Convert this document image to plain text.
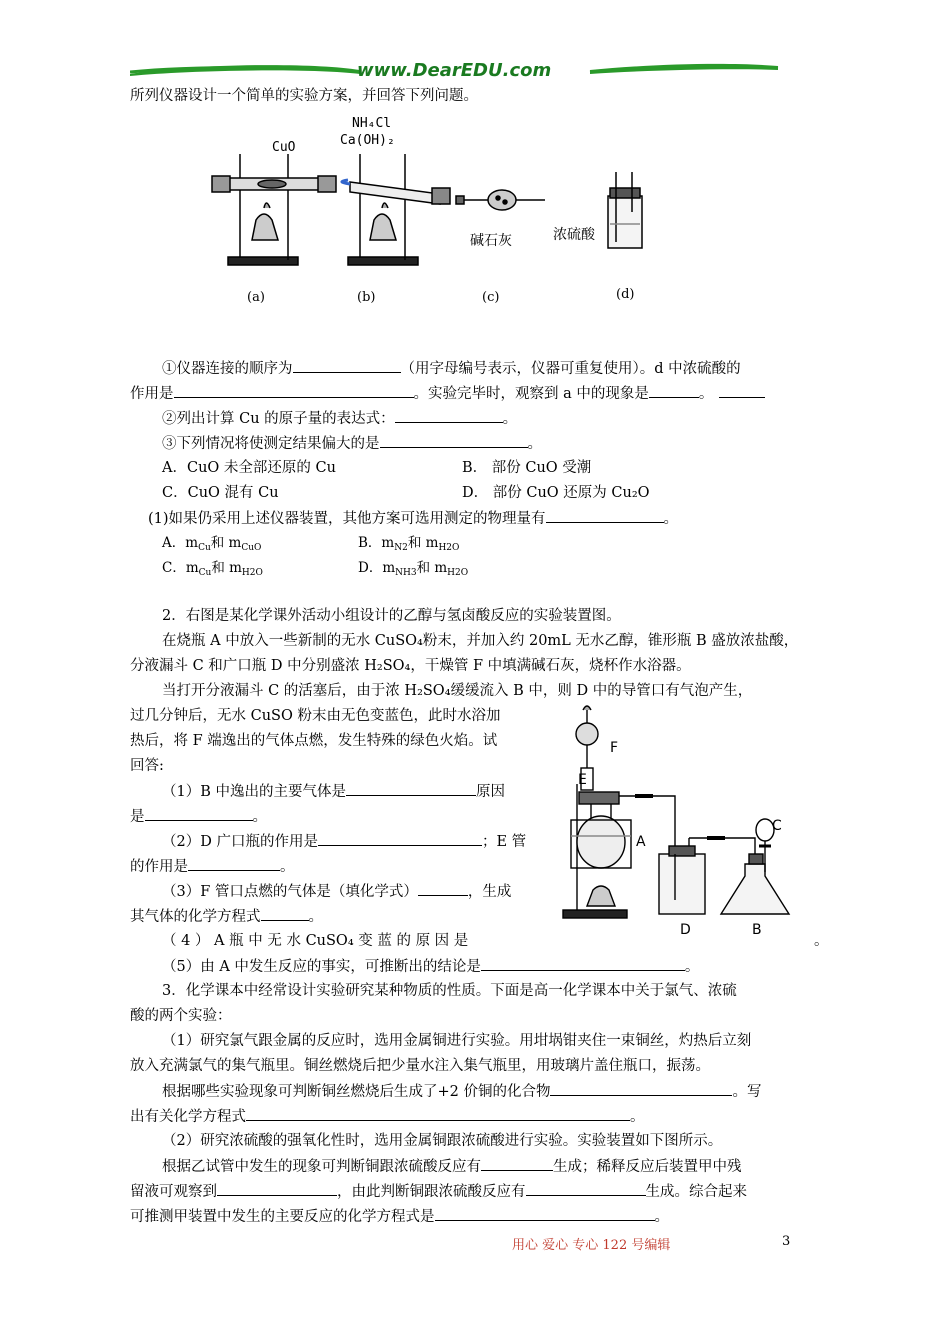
www.DearEDU.com
所列仪器设计一个简单的实验方案，并回答下列问题。
CuO
NH₄Cl
Ca(OH)₂
碱石灰	浓硫酸
(a)	(b)	(c)	(d)
①仪器连接的顺序为	（用字母编号表示，仪器可重复使用）。d 中浓硫酸的
作用是	。实验完毕时，观察到 a 中的现象是	。
②列出计算 Cu 的原子量的表达式：	。
③下列情况将使测定结果偏大的是	。
A．CuO 未全部还原的 Cu	B． 部份 CuO 受潮
C．CuO 混有 Cu	D． 部份 CuO 还原为 Cu₂O
(1)如果仍采用上述仪器装置，其他方案可选用测定的物理量有	。
A．$m_{Cu}$和 $m_{CuO}$	B．$m_{N2}$和 $m_{H2O}$
C．$m_{Cu}$和 $m_{H2O}$	D．$m_{NH3}$和 $m_{H2O}$
2．右图是某化学课外活动小组设计的乙醇与氢卤酸反应的实验装置图。
在烧瓶 A 中放入一些新制的无水 CuSO₄粉末，并加入约 20mL 无水乙醇，锥形瓶 B 盛放浓盐酸，
分液漏斗 C 和广口瓶 D 中分别盛浓 H₂SO₄，干燥管 F 中填满碱石灰，烧杯作水浴器。
当打开分液漏斗 C 的活塞后，由于浓 H₂SO₄缓缓流入 B 中，则 D 中的导管口有气泡产生，
过几分钟后，无水 CuSO 粉末由无色变蓝色，此时水浴加
热后，将 F 端逸出的气体点燃，发生特殊的绿色火焰。试
回答:
（1）B 中逸出的主要气体是	原因
是	。
（2）D 广口瓶的作用是	；E 管
的作用是	。
（3）F 管口点燃的气体是（填化学式）	，生成
其气体的化学方程式	。
（ 4 ） A 瓶 中 无 水 CuSO₄ 变 蓝 的 原 因 是	。
（5）由 A 中发生反应的事实，可推断出的结论是	。
F
E
A
C
D	B
3．化学课本中经常设计实验研究某种物质的性质。下面是高一化学课本中关于氯气、浓硫
酸的两个实验：
（1）研究氯气跟金属的反应时，选用金属铜进行实验。用坩埚钳夹住一束铜丝，灼热后立刻
放入充满氯气的集气瓶里。铜丝燃烧后把少量水注入集气瓶里，用玻璃片盖住瓶口，振荡。
根据哪些实验现象可判断铜丝燃烧后生成了+2 价铜的化合物	。写
出有关化学方程式	。
（2）研究浓硫酸的强氧化性时，选用金属铜跟浓硫酸进行实验。实验装置如下图所示。
根据乙试管中发生的现象可判断铜跟浓硫酸反应有	生成；稀释反应后装置甲中残
留液可观察到	，由此判断铜跟浓硫酸反应有	生成。综合起来
可推测甲装置中发生的主要反应的化学方程式是	。
用心 爱心 专心 122 号编辑	3
